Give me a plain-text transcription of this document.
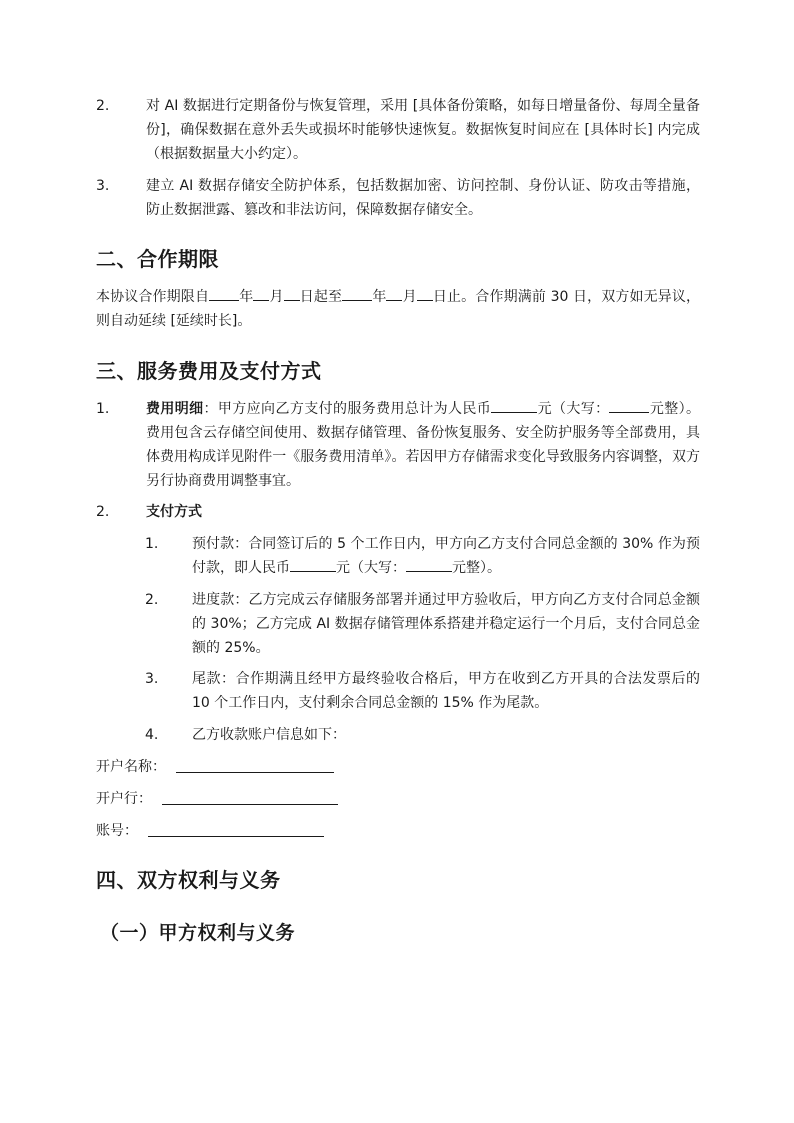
2.	对 AI 数据进行定期备份与恢复管理，采用 [具体备份策略，如每日增量备份、每周全量备份]，确保数据在意外丢失或损坏时能够快速恢复。数据恢复时间应在 [具体时长] 内完成（根据数据量大小约定）。
3.	建立 AI 数据存储安全防护体系，包括数据加密、访问控制、身份认证、防攻击等措施，防止数据泄露、篡改和非法访问，保障数据存储安全。
二、合作期限
本协议合作期限自 年 月 日起至 年 月 日止。合作期满前 30 日，双方如无异议，则自动延续 [延续时长]。
三、服务费用及支付方式
1.	费用明细：甲方应向乙方支付的服务费用总计为人民币	元（大写：	元整）。费用包含云存储空间使用、数据存储管理、备份恢复服务、安全防护服务等全部费用，具体费用构成详见附件一《服务费用清单》。若因甲方存储需求变化导致服务内容调整，双方另行协商费用调整事宜。
2.	支付方式
1. 预付款：合同签订后的 5 个工作日内，甲方向乙方支付合同总金额的 30% 作为预付款，即人民币	元（大写：	元整）。
2. 进度款：乙方完成云存储服务部署并通过甲方验收后，甲方向乙方支付合同总金额的 30%；乙方完成 AI 数据存储管理体系搭建并稳定运行一个月后，支付合同总金额的 25%。
3. 尾款：合作期满且经甲方最终验收合格后，甲方在收到乙方开具的合法发票后的 10 个工作日内，支付剩余合同总金额的 15% 作为尾款。
4. 乙方收款账户信息如下：
开户名称：
开户行：
账号：
四、双方权利与义务
（一）甲方权利与义务
